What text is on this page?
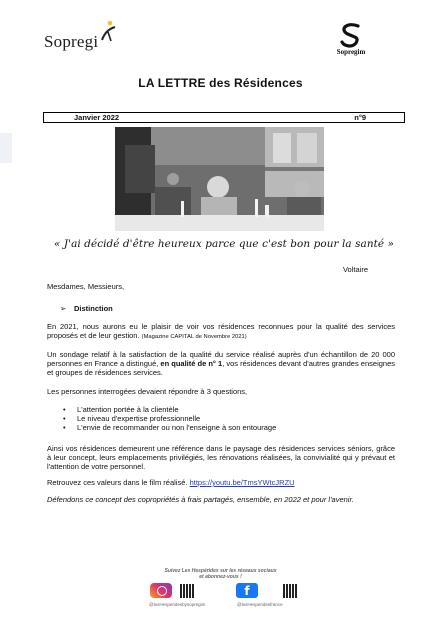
Sopregi
Sopregim
LA LETTRE des Résidences
Janvier 2022	n°9
« J'ai décidé d'être heureux parce que c'est bon pour la santé »
Voltaire
Mesdames, Messieurs,
➢ Distinction
En 2021, nous aurons eu le plaisir de voir vos résidences reconnues pour la qualité des services proposés et de leur gestion. (Magazine CAPITAL de Novembre 2021)
Un sondage relatif à la satisfaction de la qualité du service réalisé auprès d'un échantillon de 20 000 personnes en France a distingué, en qualité de n° 1, vos résidences devant d'autres grandes enseignes et groupes de résidences services.
Les personnes interrogées devaient répondre à 3 questions,
• L'attention portée à la clientèle
• Le niveau d'expertise professionnelle
• L'envie de recommander ou non l'enseigne à son entourage
Ainsi vos résidences demeurent une référence dans le paysage des résidences services séniors, grâce à leur concept, leurs emplacements privilégiés, les rénovations réalisées, la convivialité qui y prévaut et l'attention de votre personnel.
Retrouvez ces valeurs dans le film réalisé. https://youtu.be/TmsYWtcJRZU
Défendons ce concept des copropriétés à frais partagés, ensemble, en 2022 et pour l'avenir.
Suivez Les Hespérides sur les réseaux sociaux
et abonnez-vous !
f
@lesHesperidesbysopregim	@lesHesperidesfrance
